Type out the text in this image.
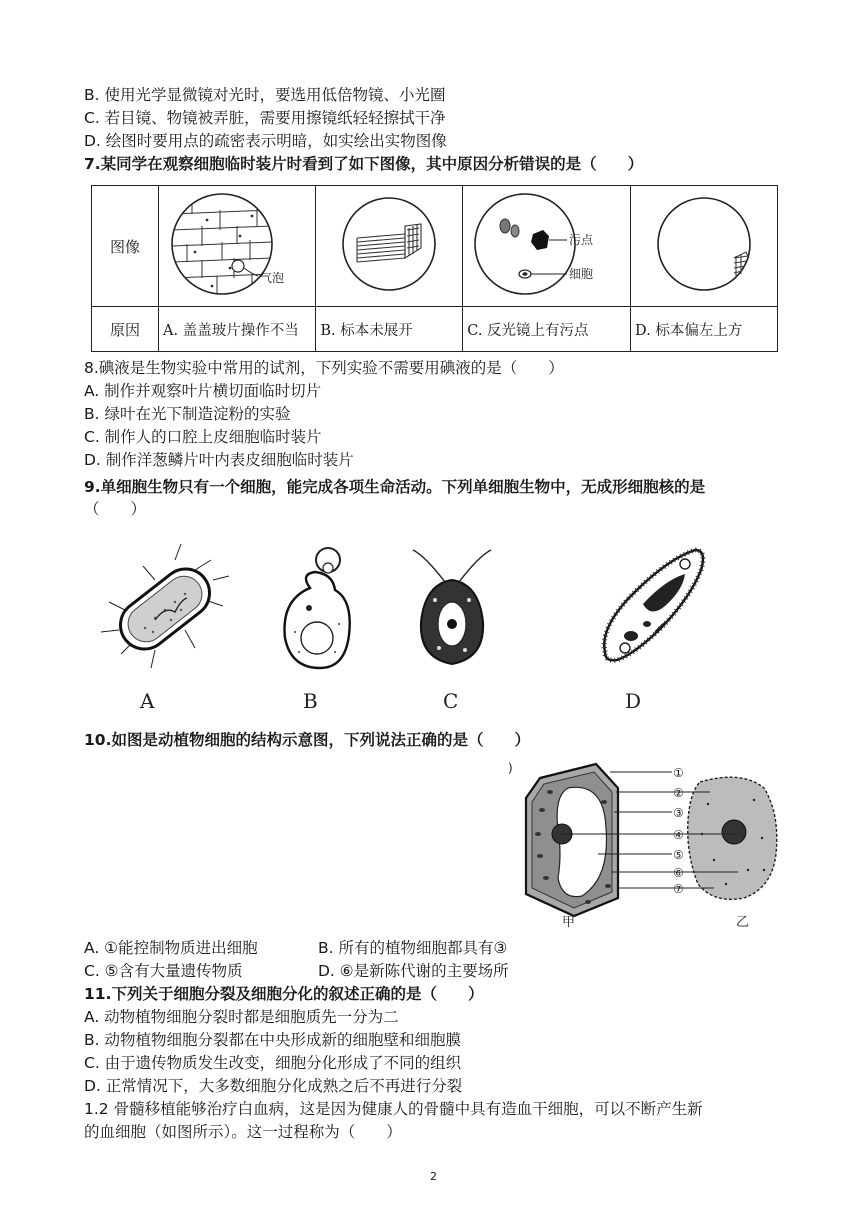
B. 使用光学显微镜对光时，要选用低倍物镜、小光圈
C. 若目镜、物镜被弄脏，需要用擦镜纸轻轻擦拭干净
D. 绘图时要用点的疏密表示明暗，如实绘出实物图像
7.某同学在观察细胞临时装片时看到了如下图像，其中原因分析错误的是（　　）
图像	气泡		污点
细胞

原因	A. 盖盖玻片操作不当	B. 标本未展开	C. 反光镜上有污点	D. 标本偏左上方
8.碘液是生物实验中常用的试剂，下列实验不需要用碘液的是（　　）
A. 制作并观察叶片横切面临时切片
B. 绿叶在光下制造淀粉的实验
C. 制作人的口腔上皮细胞临时装片
D. 制作洋葱鳞片叶内表皮细胞临时装片
9.单细胞生物只有一个细胞，能完成各项生命活动。下列单细胞生物中，无成形细胞核的是
（　　）
A	B	C	D
10.如图是动植物细胞的结构示意图，下列说法正确的是（　　）
)	①
②
③
④
⑤
⑥
⑦
甲	乙
A. ①能控制物质进出细胞	B. 所有的植物细胞都具有③
C. ⑤含有大量遗传物质	D. ⑥是新陈代谢的主要场所
11.下列关于细胞分裂及细胞分化的叙述正确的是（　　）
A. 动物植物细胞分裂时都是细胞质先一分为二
B. 动物植物细胞分裂都在中央形成新的细胞壁和细胞膜
C. 由于遗传物质发生改变，细胞分化形成了不同的组织
D. 正常情况下，大多数细胞分化成熟之后不再进行分裂
1.2 骨髓移植能够治疗白血病，这是因为健康人的骨髓中具有造血干细胞，可以不断产生新
的血细胞（如图所示）。这一过程称为（　　）
2
